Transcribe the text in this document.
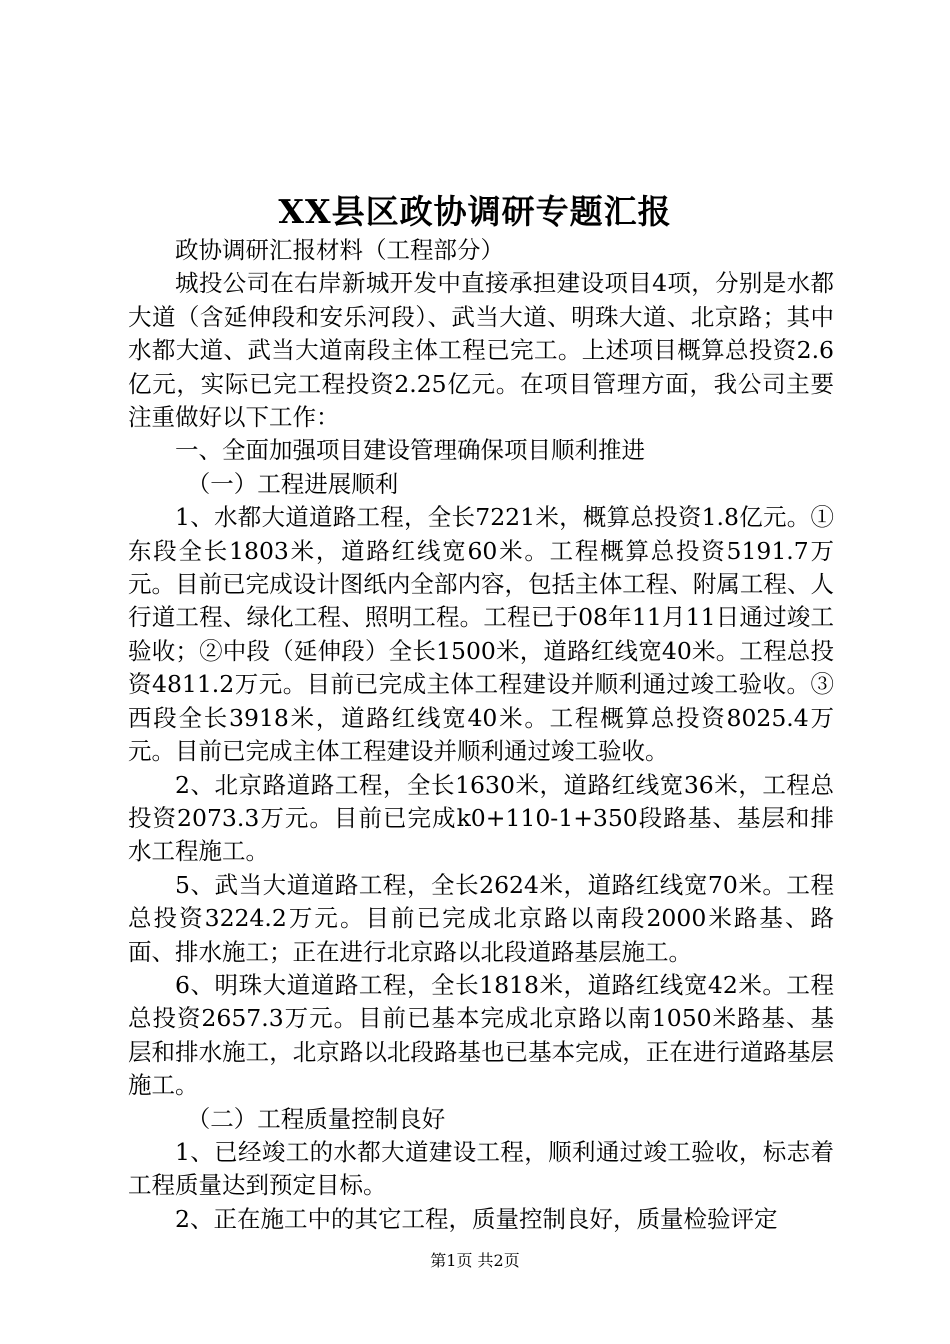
XX县区政协调研专题汇报

政协调研汇报材料（工程部分）

城投公司在右岸新城开发中直接承担建设项目4项，分别是水都大道（含延伸段和安乐河段）、武当大道、明珠大道、北京路；其中水都大道、武当大道南段主体工程已完工。上述项目概算总投资2.6亿元，实际已完工程投资2.25亿元。在项目管理方面，我公司主要注重做好以下工作：

一、全面加强项目建设管理确保项目顺利推进

（一）工程进展顺利

1、水都大道道路工程，全长7221米，概算总投资1.8亿元。①东段全长1803米，道路红线宽60米。工程概算总投资5191.7万元。目前已完成设计图纸内全部内容，包括主体工程、附属工程、人行道工程、绿化工程、照明工程。工程已于08年11月11日通过竣工验收；②中段（延伸段）全长1500米，道路红线宽40米。工程总投资4811.2万元。目前已完成主体工程建设并顺利通过竣工验收。③西段全长3918米，道路红线宽40米。工程概算总投资8025.4万元。目前已完成主体工程建设并顺利通过竣工验收。

2、北京路道路工程，全长1630米，道路红线宽36米，工程总投资2073.3万元。目前已完成k0+110-1+350段路基、基层和排水工程施工。

5、武当大道道路工程，全长2624米，道路红线宽70米。工程总投资3224.2万元。目前已完成北京路以南段2000米路基、路面、排水施工；正在进行北京路以北段道路基层施工。

6、明珠大道道路工程，全长1818米，道路红线宽42米。工程总投资2657.3万元。目前已基本完成北京路以南1050米路基、基层和排水施工，北京路以北段路基也已基本完成，正在进行道路基层施工。

（二）工程质量控制良好

1、已经竣工的水都大道建设工程，顺利通过竣工验收，标志着工程质量达到预定目标。

2、正在施工中的其它工程，质量控制良好，质量检验评定

第1页 共2页
